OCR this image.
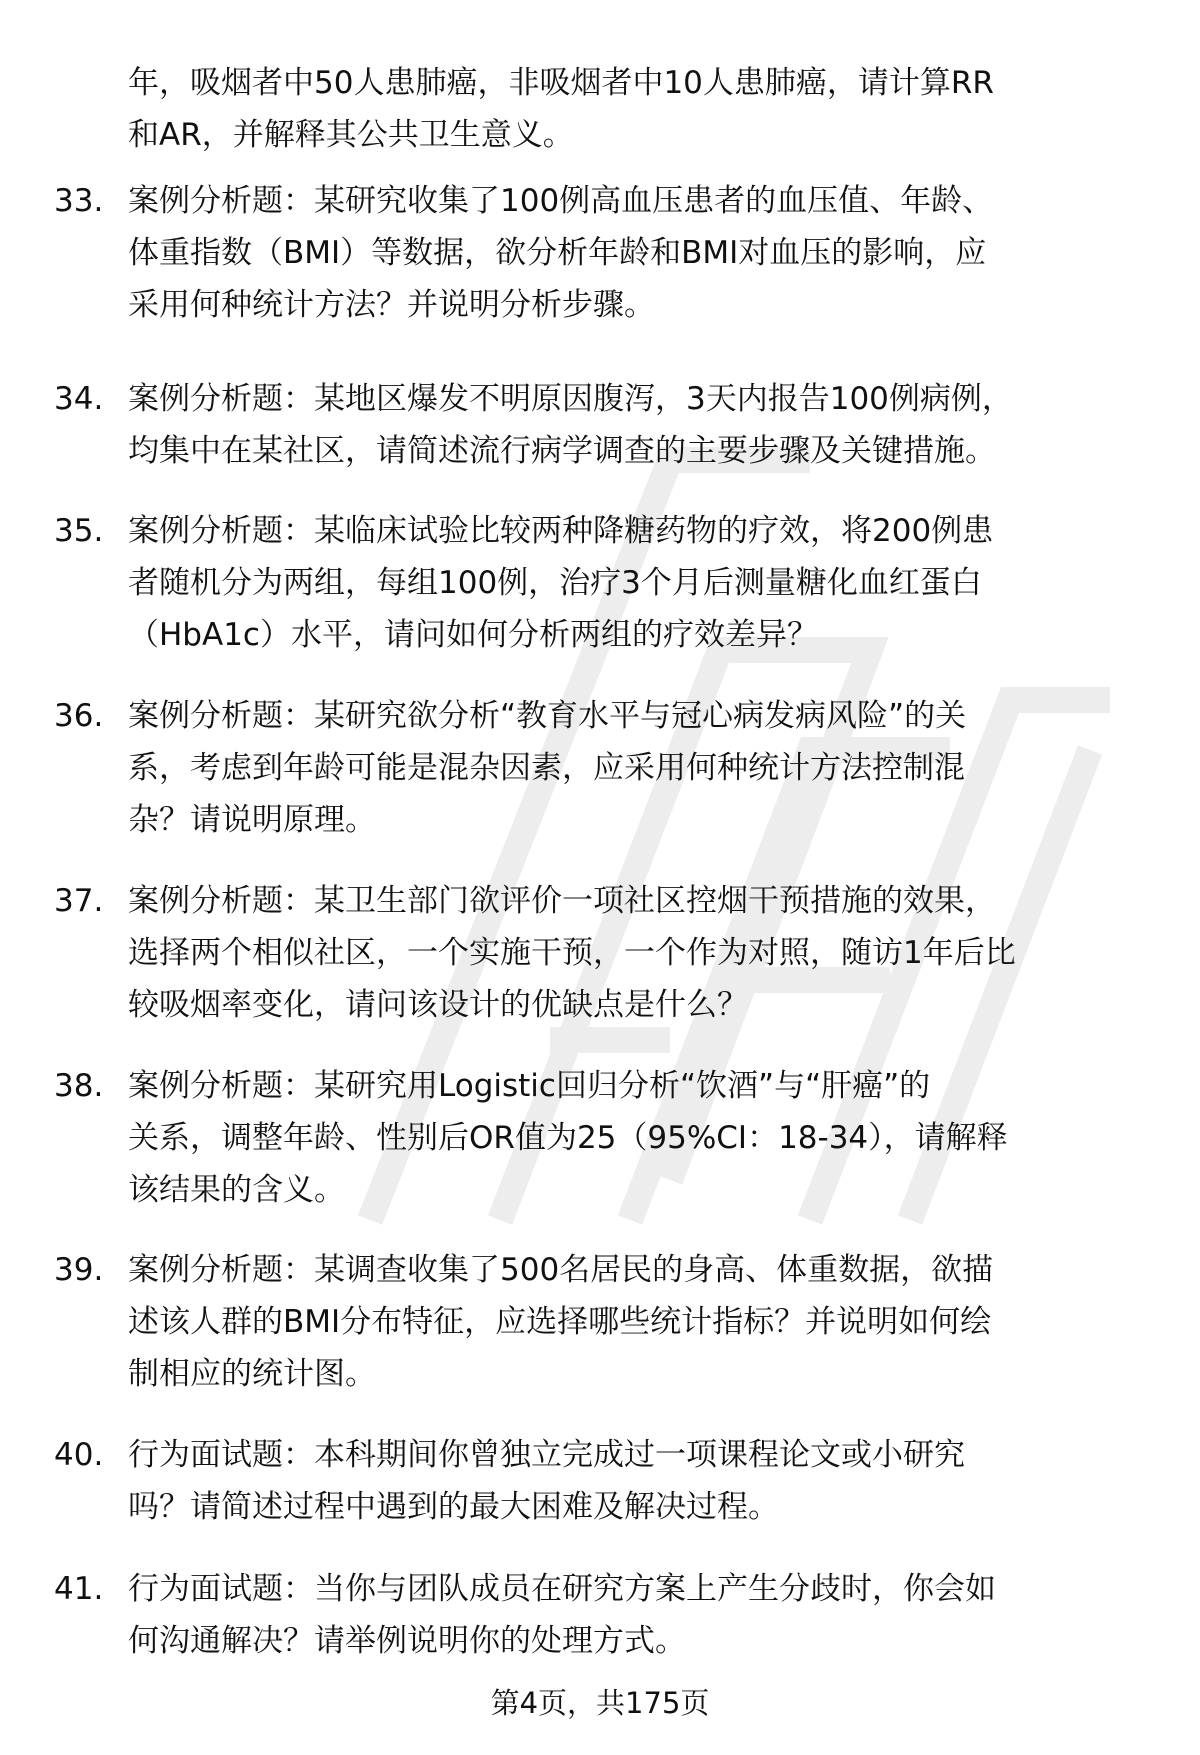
年，吸烟者中50人患肺癌，非吸烟者中10人患肺癌，请计算RR
和AR，并解释其公共卫生意义。
33. 案例分析题：某研究收集了100例高血压患者的血压值、年龄、
体重指数（BMI）等数据，欲分析年龄和BMI对血压的影响，应
采用何种统计方法？并说明分析步骤。
34. 案例分析题：某地区爆发不明原因腹泻，3天内报告100例病例，
均集中在某社区，请简述流行病学调查的主要步骤及关键措施。
35. 案例分析题：某临床试验比较两种降糖药物的疗效，将200例患
者随机分为两组，每组100例，治疗3个月后测量糖化血红蛋白
（HbA1c）水平，请问如何分析两组的疗效差异？
36. 案例分析题：某研究欲分析“教育水平与冠心病发病风险”的关
系，考虑到年龄可能是混杂因素，应采用何种统计方法控制混
杂？请说明原理。
37. 案例分析题：某卫生部门欲评价一项社区控烟干预措施的效果，
选择两个相似社区，一个实施干预，一个作为对照，随访1年后比
较吸烟率变化，请问该设计的优缺点是什么？
38. 案例分析题：某研究用Logistic回归分析“饮酒”与“肝癌”的
关系，调整年龄、性别后OR值为25（95%CI：18-34），请解释
该结果的含义。
39. 案例分析题：某调查收集了500名居民的身高、体重数据，欲描
述该人群的BMI分布特征，应选择哪些统计指标？并说明如何绘
制相应的统计图。
40. 行为面试题：本科期间你曾独立完成过一项课程论文或小研究
吗？请简述过程中遇到的最大困难及解决过程。
41. 行为面试题：当你与团队成员在研究方案上产生分歧时，你会如
何沟通解决？请举例说明你的处理方式。
第4页，共175页
